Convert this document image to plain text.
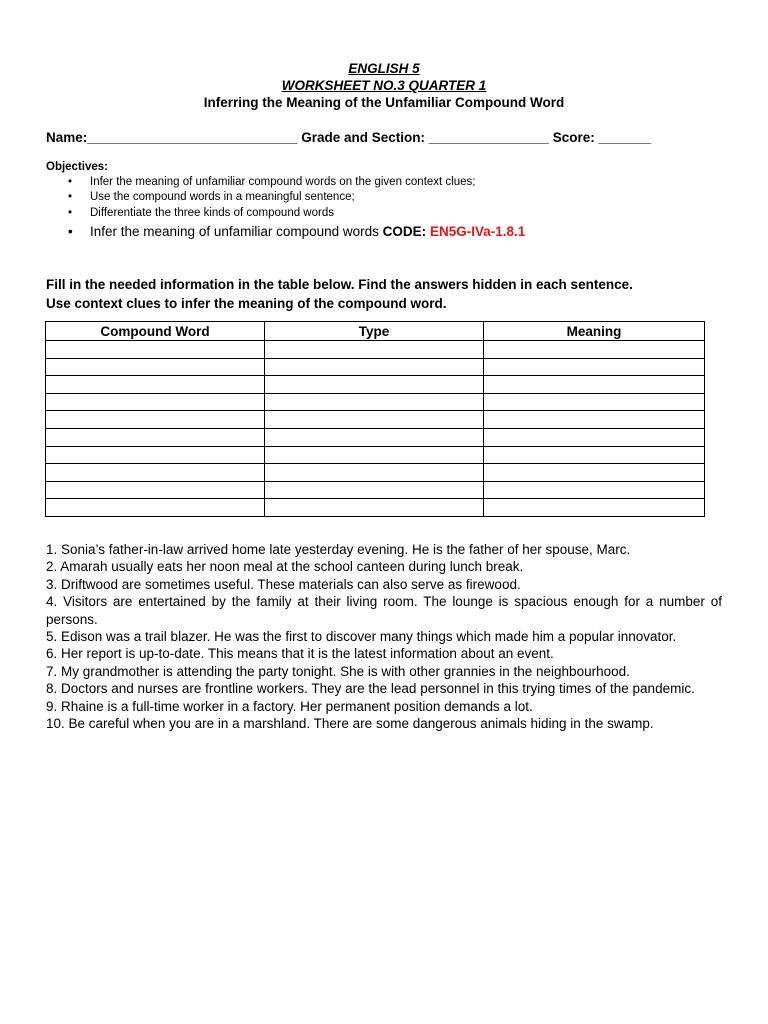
ENGLISH 5
WORKSHEET NO.3 QUARTER 1
Inferring the Meaning of the Unfamiliar Compound Word
Name:____________________________ Grade and Section: ________________ Score: _______
Objectives:
• Infer the meaning of unfamiliar compound words on the given context clues;
• Use the compound words in a meaningful sentence;
• Differentiate the three kinds of compound words
• Infer the meaning of unfamiliar compound words CODE: EN5G-IVa-1.8.1
Fill in the needed information in the table below. Find the answers hidden in each sentence.
Use context clues to infer the meaning of the compound word.
Compound Word	Type	Meaning

1. Sonia’s father-in-law arrived home late yesterday evening. He is the father of her spouse, Marc.
2. Amarah usually eats her noon meal at the school canteen during lunch break.
3. Driftwood are sometimes useful. These materials can also serve as firewood.
4. Visitors are entertained by the family at their living room. The lounge is spacious enough for a number of persons.
5. Edison was a trail blazer. He was the first to discover many things which made him a popular innovator.
6. Her report is up-to-date. This means that it is the latest information about an event.
7. My grandmother is attending the party tonight. She is with other grannies in the neighbourhood.
8. Doctors and nurses are frontline workers. They are the lead personnel in this trying times of the pandemic.
9. Rhaine is a full-time worker in a factory. Her permanent position demands a lot.
10. Be careful when you are in a marshland. There are some dangerous animals hiding in the swamp.
